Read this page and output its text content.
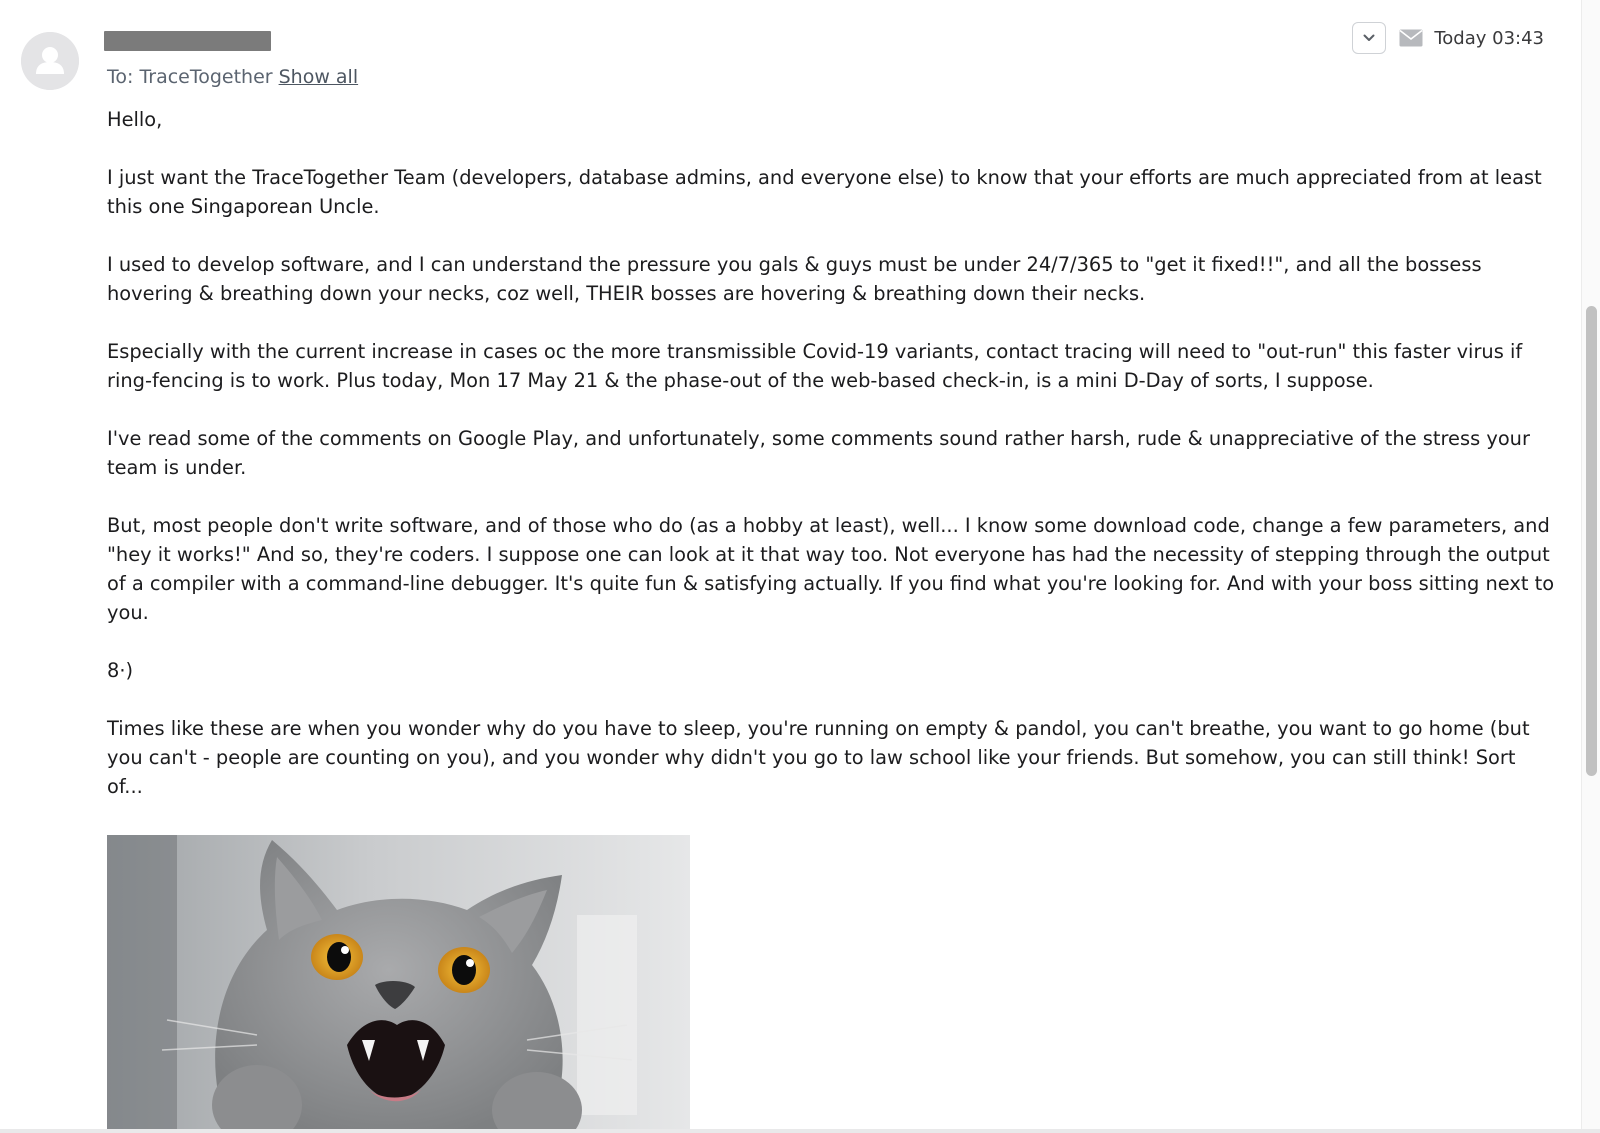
To: TraceTogether Show all
Today 03:43

Hello,

I just want the TraceTogether Team (developers, database admins, and everyone else) to know that your efforts are much appreciated from at least this one Singaporean Uncle.

I used to develop software, and I can understand the pressure you gals & guys must be under 24/7/365 to "get it fixed!!", and all the bossess hovering & breathing down your necks, coz well, THEIR bosses are hovering & breathing down their necks.

Especially with the current increase in cases oc the more transmissible Covid-19 variants, contact tracing will need to "out-run" this faster virus if ring-fencing is to work. Plus today, Mon 17 May 21 & the phase-out of the web-based check-in, is a mini D-Day of sorts, I suppose.

I've read some of the comments on Google Play, and unfortunately, some comments sound rather harsh, rude & unappreciative of the stress your team is under.

But, most people don't write software, and of those who do (as a hobby at least), well... I know some download code, change a few parameters, and "hey it works!" And so, they're coders. I suppose one can look at it that way too. Not everyone has had the necessity of stepping through the output of a compiler with a command-line debugger. It's quite fun & satisfying actually. If you find what you're looking for. And with your boss sitting next to you.

8·)

Times like these are when you wonder why do you have to sleep, you're running on empty & pandol, you can't breathe, you want to go home (but you can't - people are counting on you), and you wonder why didn't you go to law school like your friends. But somehow, you can still think! Sort of...
